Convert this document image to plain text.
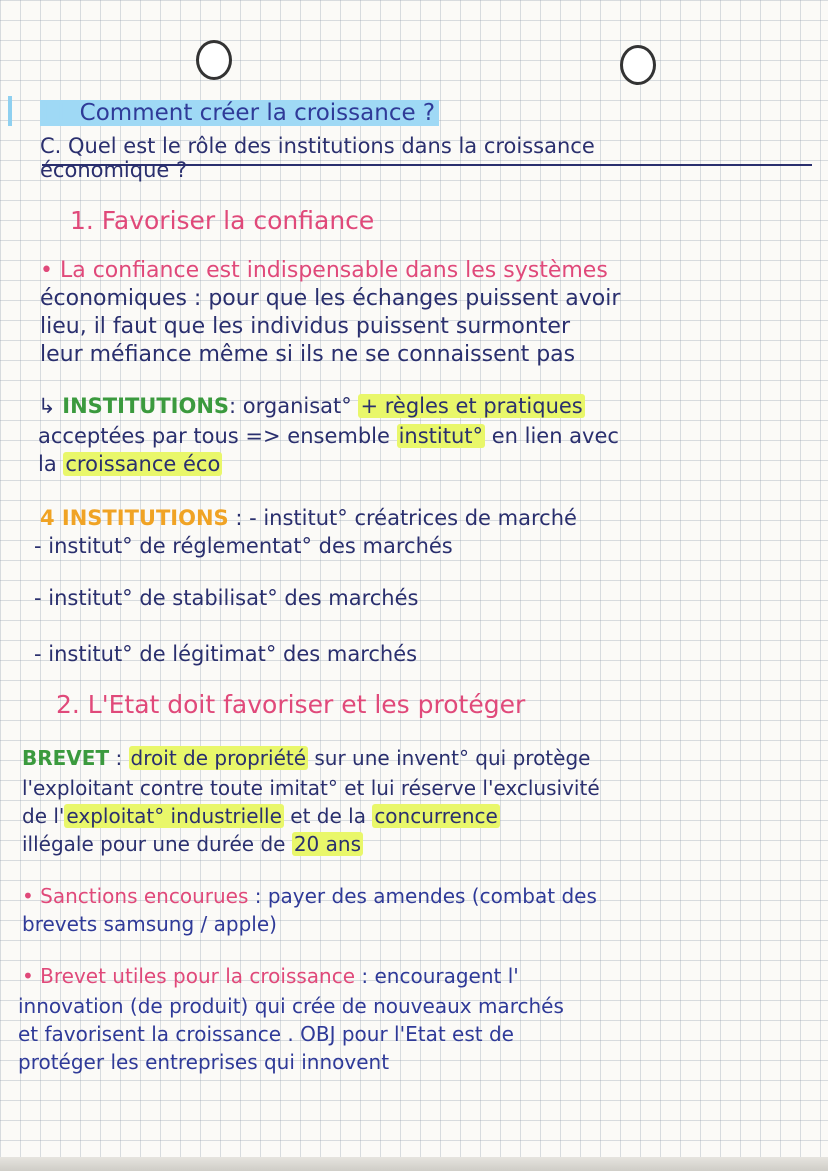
III. Comment créer la croissance ?
C. Quel est le rôle des institutions dans la croissance
économique ?
1. Favoriser la confiance
• La confiance est indispensable dans les systèmes
économiques : pour que les échanges puissent avoir
lieu, il faut que les individus puissent surmonter
leur méfiance même si ils ne se connaissent pas
↳ INSTITUTIONS: organisat° + règles et pratiques
acceptées par tous => ensemble institut° en lien avec
la croissance éco
4 INSTITUTIONS : - institut° créatrices de marché
- institut° de réglementat° des marchés
- institut° de stabilisat° des marchés
- institut° de légitimat° des marchés
2. L'Etat doit favoriser et les protéger
BREVET : droit de propriété sur une invent° qui protège
l'exploitant contre toute imitat° et lui réserve l'exclusivité
de l' exploitat° industrielle et de la concurrence
illégale pour une durée de 20 ans
• Sanctions encourues : payer des amendes (combat des
brevets samsung / apple)
• Brevet utiles pour la croissance : encouragent l'
innovation (de produit) qui crée de nouveaux marchés
et favorisent la croissance . OBJ pour l'Etat est de
protéger les entreprises qui innovent
